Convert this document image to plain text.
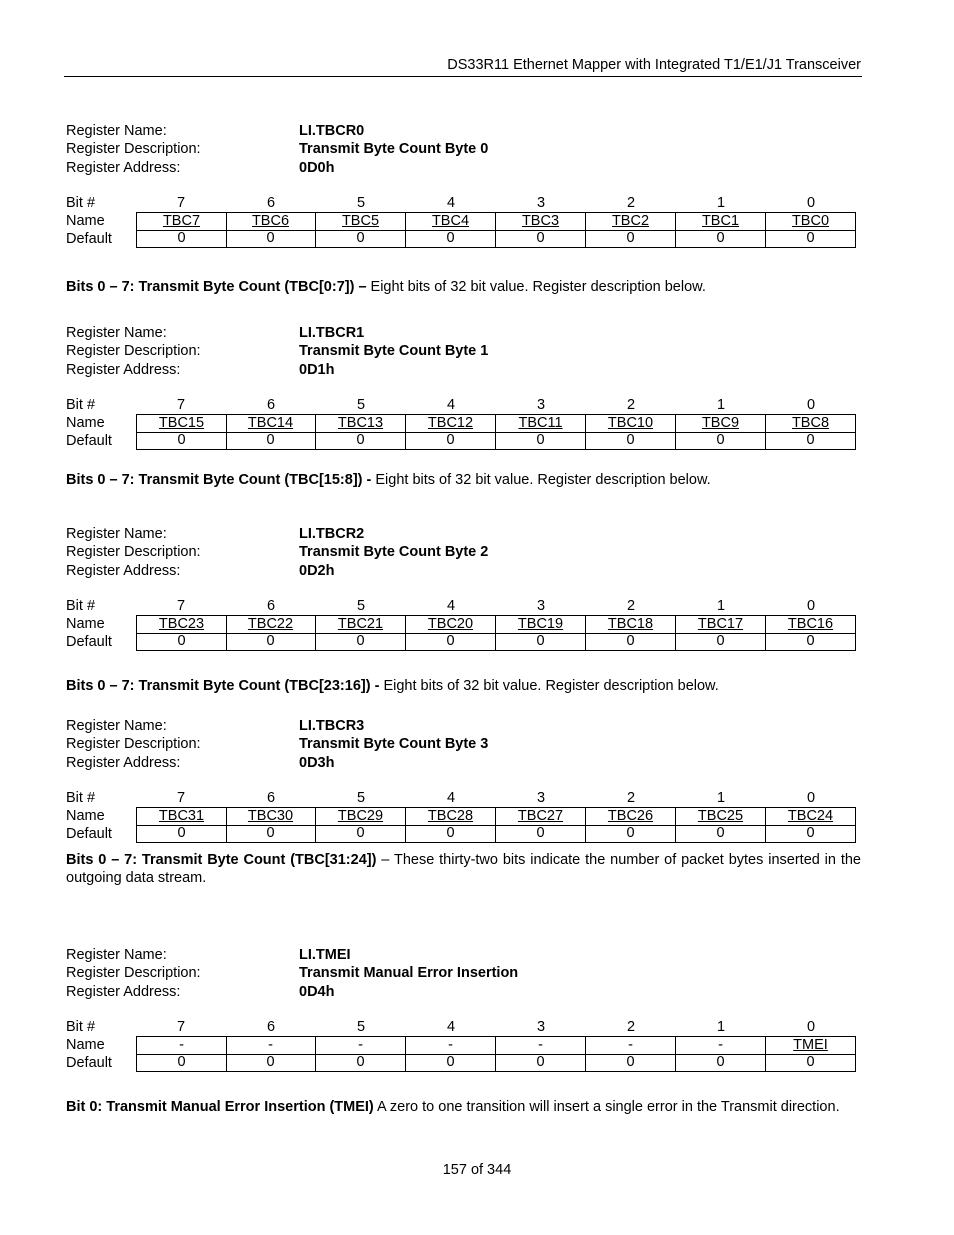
DS33R11 Ethernet Mapper with Integrated T1/E1/J1 Transceiver
Register Name:	LI.TBCR0
Register Description:	Transmit Byte Count Byte 0
Register Address:	0D0h
Bit #	7	6	5	4	3	2	1	0
Name	TBC7	TBC6	TBC5	TBC4	TBC3	TBC2	TBC1	TBC0
Default	0	0	0	0	0	0	0	0
Bits 0 – 7: Transmit Byte Count (TBC[0:7]) – Eight bits of 32 bit value. Register description below.
Register Name:	LI.TBCR1
Register Description:	Transmit Byte Count Byte 1
Register Address:	0D1h
Bit #	7	6	5	4	3	2	1	0
Name	TBC15	TBC14	TBC13	TBC12	TBC11	TBC10	TBC9	TBC8
Default	0	0	0	0	0	0	0	0
Bits 0 – 7: Transmit Byte Count (TBC[15:8]) - Eight bits of 32 bit value. Register description below.
Register Name:	LI.TBCR2
Register Description:	Transmit Byte Count Byte 2
Register Address:	0D2h
Bit #	7	6	5	4	3	2	1	0
Name	TBC23	TBC22	TBC21	TBC20	TBC19	TBC18	TBC17	TBC16
Default	0	0	0	0	0	0	0	0
Bits 0 – 7: Transmit Byte Count (TBC[23:16]) - Eight bits of 32 bit value. Register description below.
Register Name:	LI.TBCR3
Register Description:	Transmit Byte Count Byte 3
Register Address:	0D3h
Bit #	7	6	5	4	3	2	1	0
Name	TBC31	TBC30	TBC29	TBC28	TBC27	TBC26	TBC25	TBC24
Default	0	0	0	0	0	0	0	0
Bits 0 – 7: Transmit Byte Count (TBC[31:24]) – These thirty-two bits indicate the number of packet bytes inserted in the outgoing data stream.
Register Name:	LI.TMEI
Register Description:	Transmit Manual Error Insertion
Register Address:	0D4h
Bit #	7	6	5	4	3	2	1	0
Name	-	-	-	-	-	-	-	TMEI
Default	0	0	0	0	0	0	0	0
Bit 0: Transmit Manual Error Insertion (TMEI) A zero to one transition will insert a single error in the Transmit direction.
157 of 344
